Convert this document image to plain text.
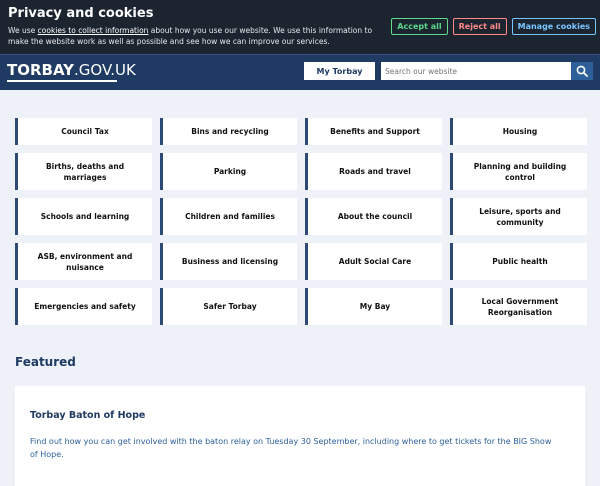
Privacy and cookies

We use cookies to collect information about how you use our website. We use this information to make the website work as well as possible and see how we can improve our services.

Accept all	Reject all	Manage cookies
TORBAY.GOV.UK	My Torbay
Search our website
Council Tax	Bins and recycling	Benefits and Support	Housing
Births, deaths and marriages
Parking	Roads and travel
Planning and building control
Schools and learning	Children and families	About the council
Leisure, sports and community
ASB, environment and nuisance
Business and licensing	Adult Social Care	Public health
Emergencies and safety	Safer Torbay	My Bay
Local Government Reorganisation
Featured
Torbay Baton of Hope

Find out how you can get involved with the baton relay on Tuesday 30 September, including where to get tickets for the BIG Show of Hope.
